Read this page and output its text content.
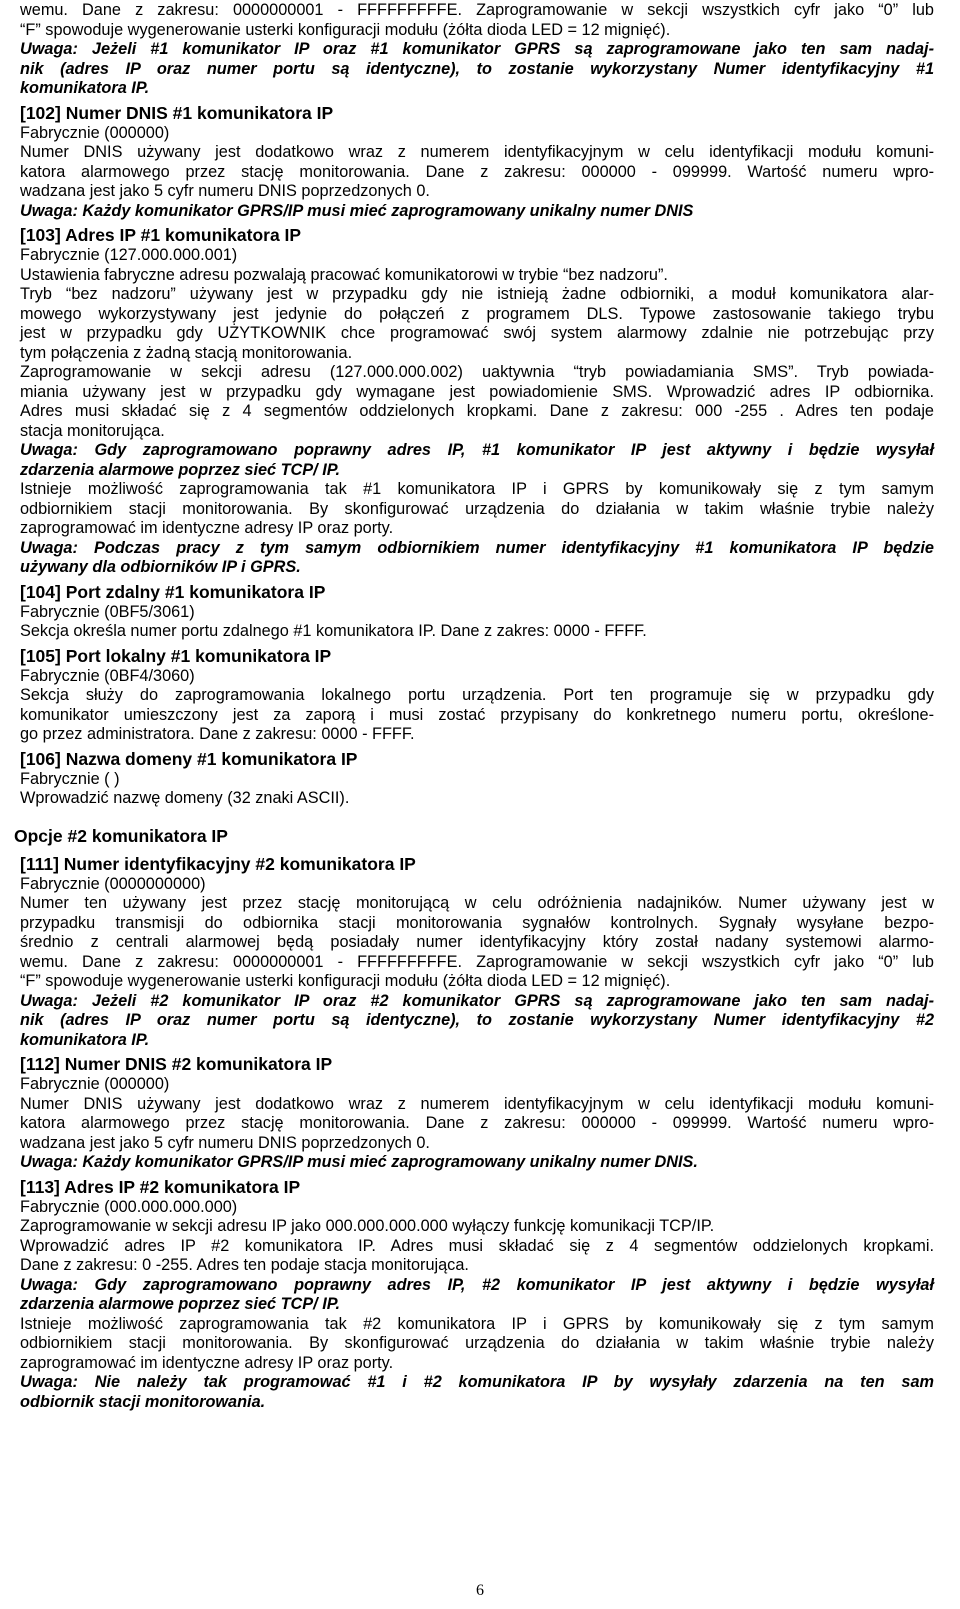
wemu. Dane z zakresu: 0000000001 - FFFFFFFFFE. Zaprogramowanie w sekcji wszystkich cyfr jako “0” lub
“F” spowoduje wygenerowanie usterki konfiguracji modułu (żółta dioda LED = 12 mignięć).
Uwaga: Jeżeli #1 komunikator IP oraz #1 komunikator GPRS są zaprogramowane jako ten sam nadaj-
nik (adres IP oraz numer portu są identyczne), to zostanie wykorzystany Numer identyfikacyjny #1
komunikatora IP.
[102] Numer DNIS #1 komunikatora IP
Fabrycznie (000000)
Numer DNIS używany jest dodatkowo wraz z numerem identyfikacyjnym w celu identyfikacji modułu komuni-
katora alarmowego przez stację monitorowania. Dane z zakresu: 000000 - 099999. Wartość numeru wpro-
wadzana jest jako 5 cyfr numeru DNIS poprzedzonych 0.
Uwaga: Każdy komunikator GPRS/IP musi mieć zaprogramowany unikalny numer DNIS
[103] Adres IP #1 komunikatora IP
Fabrycznie (127.000.000.001)
Ustawienia fabryczne adresu pozwalają pracować komunikatorowi w trybie “bez nadzoru”.
Tryb “bez nadzoru” używany jest w przypadku gdy nie istnieją żadne odbiorniki, a moduł komunikatora alar-
mowego wykorzystywany jest jedynie do połączeń z programem DLS. Typowe zastosowanie takiego trybu
jest w przypadku gdy UŻYTKOWNIK chce programować swój system alarmowy zdalnie nie potrzebując przy
tym połączenia z żadną stacją monitorowania.
Zaprogramowanie w sekcji adresu (127.000.000.002) uaktywnia “tryb powiadamiania SMS”. Tryb powiada-
miania używany jest w przypadku gdy wymagane jest powiadomienie SMS. Wprowadzić adres IP odbiornika.
Adres musi składać się z 4 segmentów oddzielonych kropkami. Dane z zakresu: 000 -255 . Adres ten podaje
stacja monitorująca.
Uwaga: Gdy zaprogramowano poprawny adres IP, #1 komunikator IP jest aktywny i będzie wysyłał
zdarzenia alarmowe poprzez sieć TCP/ IP.
Istnieje możliwość zaprogramowania tak #1 komunikatora IP i GPRS by komunikowały się z tym samym
odbiornikiem stacji monitorowania. By skonfigurować urządzenia do działania w takim właśnie trybie należy
zaprogramować im identyczne adresy IP oraz porty.
Uwaga: Podczas pracy z tym samym odbiornikiem numer identyfikacyjny #1 komunikatora IP będzie
używany dla odbiorników IP i GPRS.
[104] Port zdalny #1 komunikatora IP
Fabrycznie (0BF5/3061)
Sekcja określa numer portu zdalnego #1 komunikatora IP. Dane z zakres: 0000 - FFFF.
[105] Port lokalny #1 komunikatora IP
Fabrycznie (0BF4/3060)
Sekcja służy do zaprogramowania lokalnego portu urządzenia. Port ten programuje się w przypadku gdy
komunikator umieszczony jest za zaporą i musi zostać przypisany do konkretnego numeru portu, określone-
go przez administratora. Dane z zakresu: 0000 - FFFF.
[106] Nazwa domeny #1 komunikatora IP
Fabrycznie ( )
Wprowadzić nazwę domeny (32 znaki ASCII).
Opcje #2 komunikatora IP
[111] Numer identyfikacyjny #2 komunikatora IP
Fabrycznie (0000000000)
Numer ten używany jest przez stację monitorującą w celu odróżnienia nadajników. Numer używany jest w
przypadku transmisji do odbiornika stacji monitorowania sygnałów kontrolnych. Sygnały wysyłane bezpo-
średnio z centrali alarmowej będą posiadały numer identyfikacyjny który został nadany systemowi alarmo-
wemu. Dane z zakresu: 0000000001 - FFFFFFFFFE. Zaprogramowanie w sekcji wszystkich cyfr jako “0” lub
“F” spowoduje wygenerowanie usterki konfiguracji modułu (żółta dioda LED = 12 mignięć).
Uwaga: Jeżeli #2 komunikator IP oraz #2 komunikator GPRS są zaprogramowane jako ten sam nadaj-
nik (adres IP oraz numer portu są identyczne), to zostanie wykorzystany Numer identyfikacyjny #2
komunikatora IP.
[112] Numer DNIS #2 komunikatora IP
Fabrycznie (000000)
Numer DNIS używany jest dodatkowo wraz z numerem identyfikacyjnym w celu identyfikacji modułu komuni-
katora alarmowego przez stację monitorowania. Dane z zakresu: 000000 - 099999. Wartość numeru wpro-
wadzana jest jako 5 cyfr numeru DNIS poprzedzonych 0.
Uwaga: Każdy komunikator GPRS/IP musi mieć zaprogramowany unikalny numer DNIS.
[113] Adres IP #2 komunikatora IP
Fabrycznie (000.000.000.000)
Zaprogramowanie w sekcji adresu IP jako 000.000.000.000 wyłączy funkcję komunikacji TCP/IP.
Wprowadzić adres IP #2 komunikatora IP. Adres musi składać się z 4 segmentów oddzielonych kropkami.
Dane z zakresu: 0 -255. Adres ten podaje stacja monitorująca.
Uwaga: Gdy zaprogramowano poprawny adres IP, #2 komunikator IP jest aktywny i będzie wysyłał
zdarzenia alarmowe poprzez sieć TCP/ IP.
Istnieje możliwość zaprogramowania tak #2 komunikatora IP i GPRS by komunikowały się z tym samym
odbiornikiem stacji monitorowania. By skonfigurować urządzenia do działania w takim właśnie trybie należy
zaprogramować im identyczne adresy IP oraz porty.
Uwaga: Nie należy tak programować #1 i #2 komunikatora IP by wysyłały zdarzenia na ten sam
odbiornik stacji monitorowania.
6
